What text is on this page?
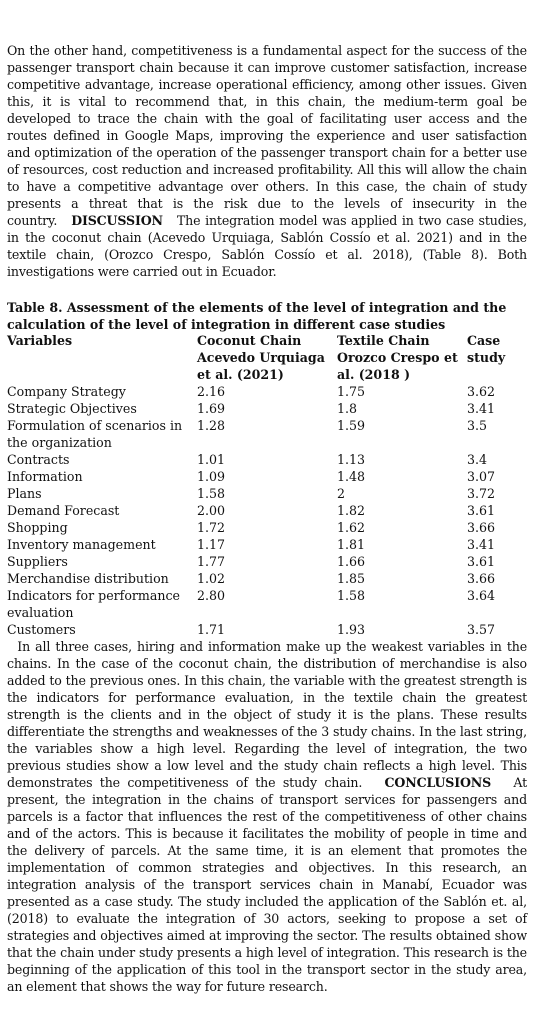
On the other hand, competitiveness is a fundamental aspect for the success of the passenger transport chain because it can improve customer satisfaction, increase competitive advantage, increase operational efficiency, among other issues. Given this, it is vital to recommend that, in this chain, the medium-term goal be developed to trace the chain with the goal of facilitating user access and the routes defined in Google Maps, improving the experience and user satisfaction and optimization of the operation of the passenger transport chain for a better use of resources, cost reduction and increased profitability. All this will allow the chain to have a competitive advantage over others. In this case, the chain of study presents a threat that is the risk due to the levels of insecurity in the country. DISCUSSION The integration model was applied in two case studies, in the coconut chain (Acevedo Urquiaga, Sablón Cossío et al. 2021) and in the textile chain, (Orozco Crespo, Sablón Cossío et al. 2018), (Table 8). Both investigations were carried out in Ecuador.
Table 8. Assessment of the elements of the level of integration and the calculation of the level of integration in different case studies
Variables	Coconut Chain Acevedo Urquiaga et al. (2021)	Textile Chain Orozco Crespo et al. (2018 )	Case study
Company Strategy	2.16	1.75	3.62
Strategic Objectives	1.69	1.8	3.41
Formulation of scenarios in the organization	1.28	1.59	3.5
Contracts	1.01	1.13	3.4
Information	1.09	1.48	3.07
Plans	1.58	2	3.72
Demand Forecast	2.00	1.82	3.61
Shopping	1.72	1.62	3.66
Inventory management	1.17	1.81	3.41
Suppliers	1.77	1.66	3.61
Merchandise distribution	1.02	1.85	3.66
Indicators for performance evaluation	2.80	1.58	3.64
Customers	1.71	1.93	3.57
In all three cases, hiring and information make up the weakest variables in the chains. In the case of the coconut chain, the distribution of merchandise is also added to the previous ones. In this chain, the variable with the greatest strength is the indicators for performance evaluation, in the textile chain the greatest strength is the clients and in the object of study it is the plans. These results differentiate the strengths and weaknesses of the 3 study chains. In the last string, the variables show a high level. Regarding the level of integration, the two previous studies show a low level and the study chain reflects a high level. This demonstrates the competitiveness of the study chain. CONCLUSIONS At present, the integration in the chains of transport services for passengers and parcels is a factor that influences the rest of the competitiveness of other chains and of the actors. This is because it facilitates the mobility of people in time and the delivery of parcels. At the same time, it is an element that promotes the implementation of common strategies and objectives. In this research, an integration analysis of the transport services chain in Manabí, Ecuador was presented as a case study. The study included the application of the Sablón et. al, (2018) to evaluate the integration of 30 actors, seeking to propose a set of strategies and objectives aimed at improving the sector. The results obtained show that the chain under study presents a high level of integration. This research is the beginning of the application of this tool in the transport sector in the study area, an element that shows the way for future research.
